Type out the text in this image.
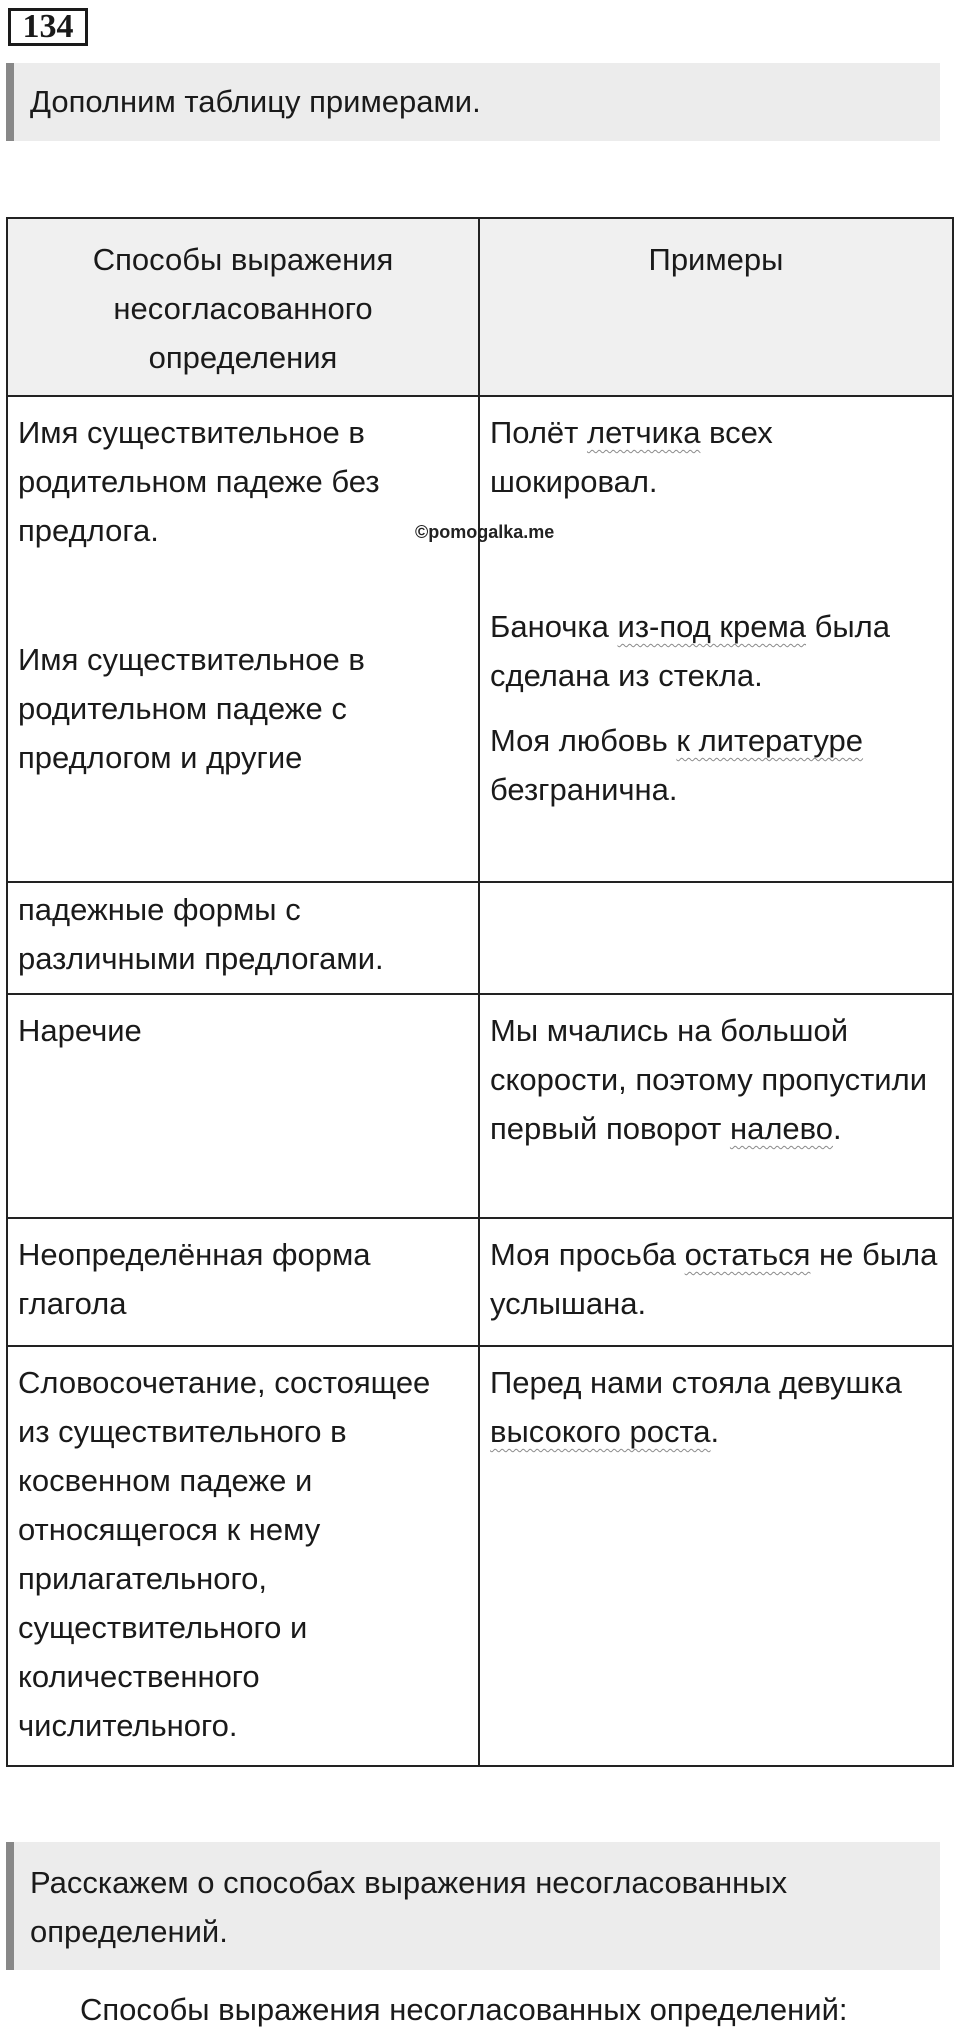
134
Дополним таблицу примерами.
Способы выражения несогласованного определения
Примеры
Имя существительное в родительном падеже без предлога.
Имя существительное в родительном падеже с предлогом и другие
Полёт летчика всех шокировал.
Баночка из-под крема была сделана из стекла.
Моя любовь к литературе безгранична.
падежные формы с различными предлогами.
Наречие	Мы мчались на большой скорости, поэтому пропустили первый поворот налево.
Неопределённая форма глагола
Моя просьба остаться не была услышана.
Словосочетание, состоящее из существительного в косвенном падеже и относящегося к нему прилагательного, существительного и количественного числительного.
Перед нами стояла девушка высокого роста.
©pomogalka.me
Расскажем о способах выражения несогласованных определений.
Способы выражения несогласованных определений:
